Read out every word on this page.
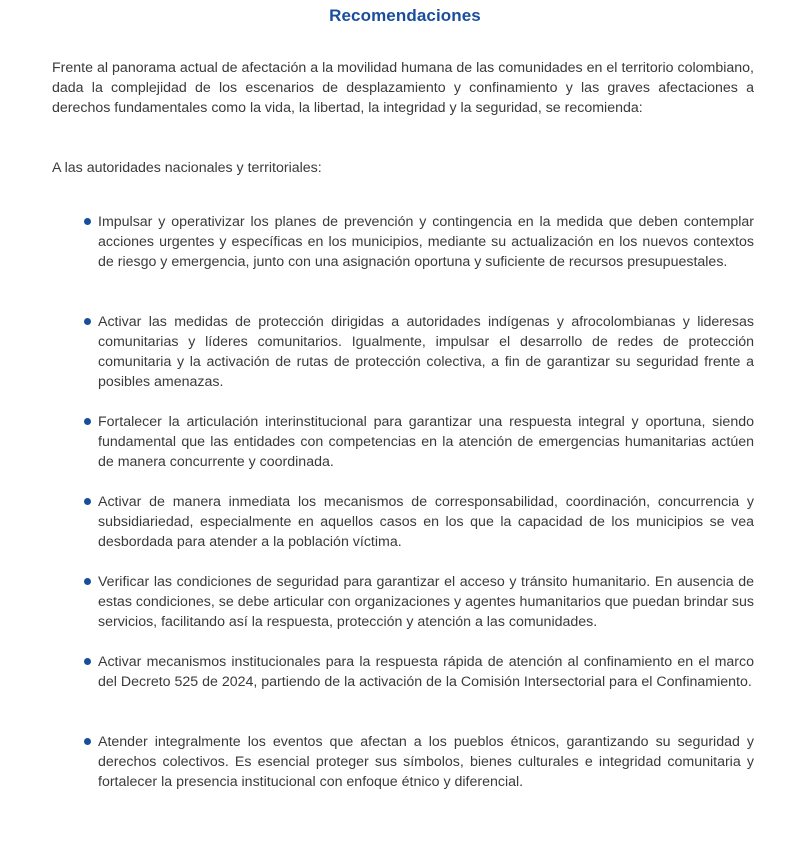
Recomendaciones

Frente al panorama actual de afectación a la movilidad humana de las comunidades en el territorio colombiano, dada la complejidad de los escenarios de desplazamiento y confinamiento y las graves afectaciones a derechos fundamentales como la vida, la libertad, la integridad y la seguridad, se recomienda:

A las autoridades nacionales y territoriales:

Impulsar y operativizar los planes de prevención y contingencia en la medida que deben contemplar acciones urgentes y específicas en los municipios, mediante su actualización en los nuevos contextos de riesgo y emergencia, junto con una asignación oportuna y suficiente de recursos presupuestales.
Activar las medidas de protección dirigidas a autoridades indígenas y afrocolombianas y lideresas comunitarias y líderes comunitarios. Igualmente, impulsar el desarrollo de redes de protección comunitaria y la activación de rutas de protección colectiva, a fin de garantizar su seguridad frente a posibles amenazas.
Fortalecer la articulación interinstitucional para garantizar una respuesta integral y oportuna, siendo fundamental que las entidades con competencias en la atención de emergencias humanitarias actúen de manera concurrente y coordinada.
Activar de manera inmediata los mecanismos de corresponsabilidad, coordinación, concurrencia y subsidiariedad, especialmente en aquellos casos en los que la capacidad de los municipios se vea desbordada para atender a la población víctima.
Verificar las condiciones de seguridad para garantizar el acceso y tránsito humanitario. En ausencia de estas condiciones, se debe articular con organizaciones y agentes humanitarios que puedan brindar sus servicios, facilitando así la respuesta, protección y atención a las comunidades.
Activar mecanismos institucionales para la respuesta rápida de atención al confinamiento en el marco del Decreto 525 de 2024, partiendo de la activación de la Comisión Intersectorial para el Confinamiento.
Atender integralmente los eventos que afectan a los pueblos étnicos, garantizando su seguridad y derechos colectivos. Es esencial proteger sus símbolos, bienes culturales e integridad comunitaria y fortalecer la presencia institucional con enfoque étnico y diferencial.
